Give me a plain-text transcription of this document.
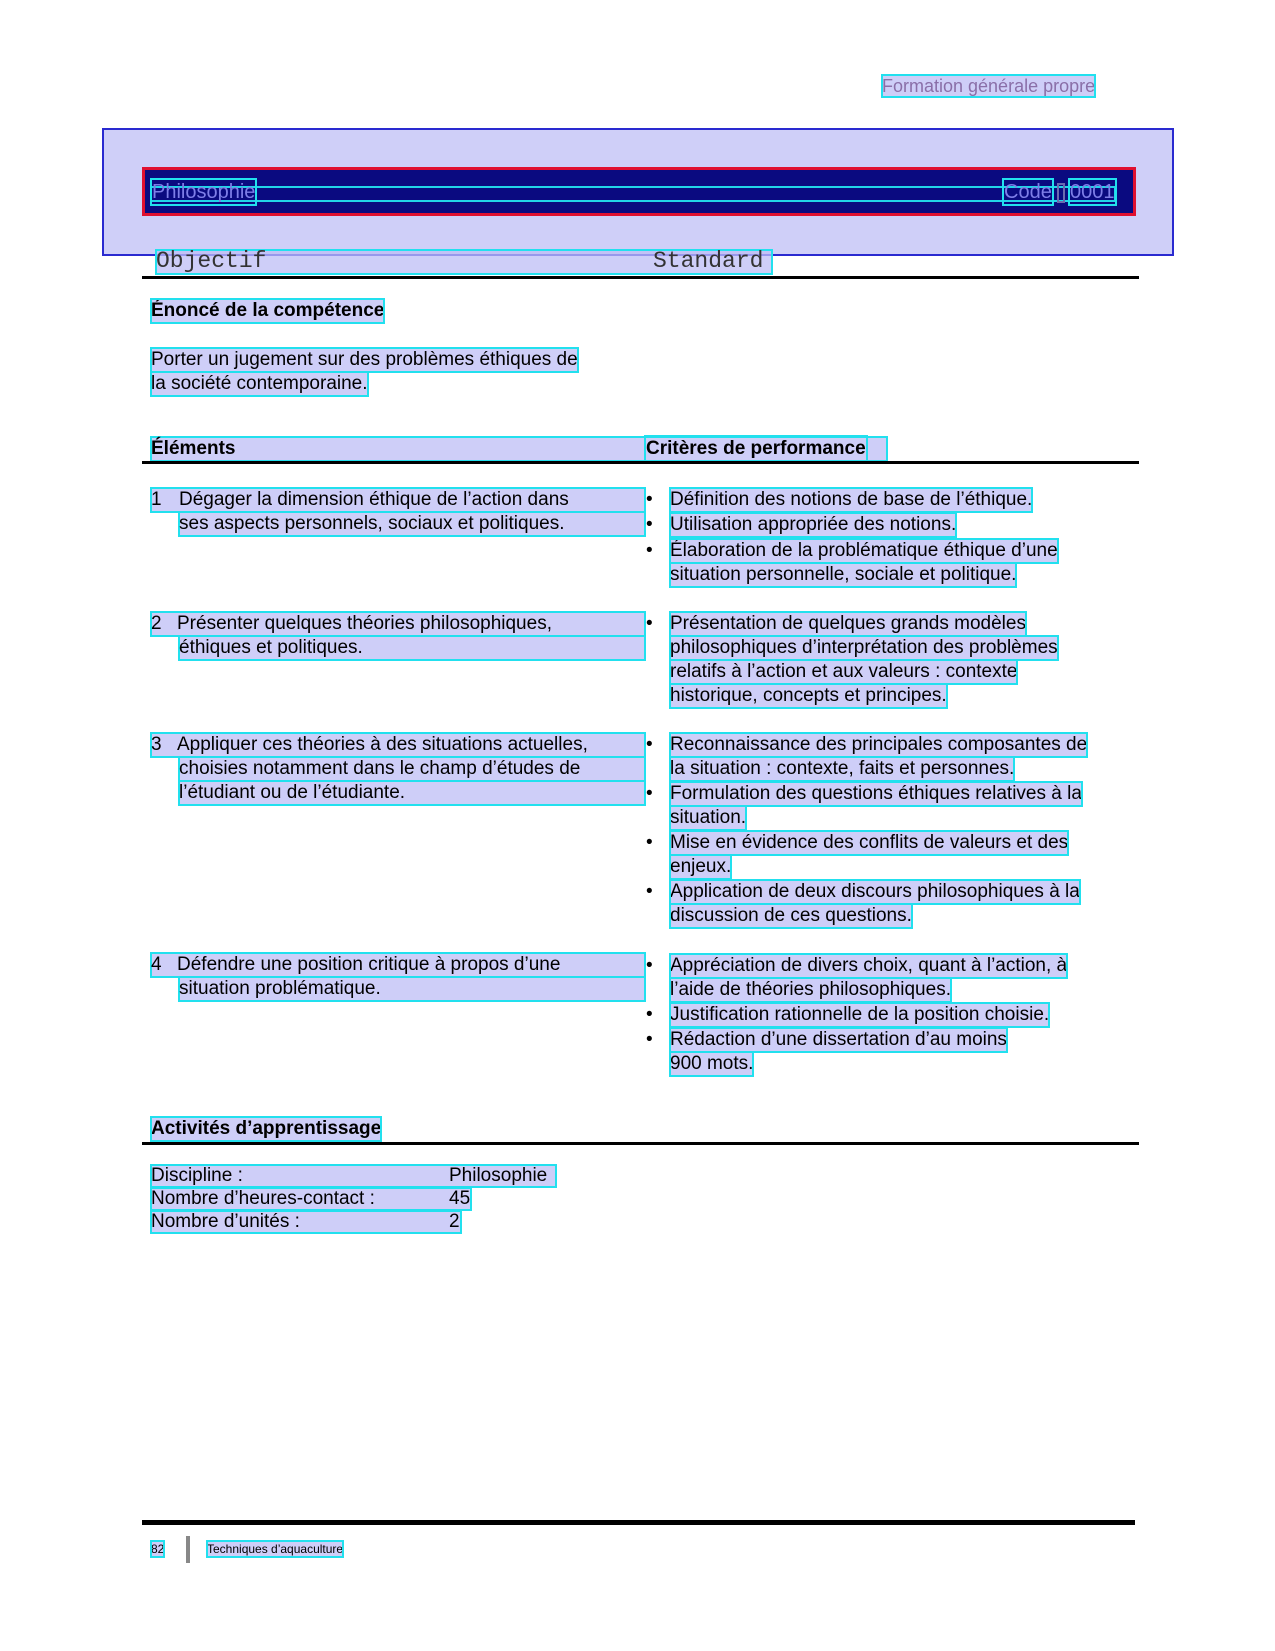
Formation générale propre
Philosophie	Code 0001
Objectif	Standard
Énoncé de la compétence
Porter un jugement sur des problèmes éthiques de
la société contemporaine.
Éléments	Critères de performance
1 Dégager la dimension éthique de l’action dans
ses aspects personnels, sociaux et politiques.
• Définition des notions de base de l’éthique.
• Utilisation appropriée des notions.
• Élaboration de la problématique éthique d’une
situation personnelle, sociale et politique.
2 Présenter quelques théories philosophiques,
éthiques et politiques.
• Présentation de quelques grands modèles
philosophiques d’interprétation des problèmes
relatifs à l’action et aux valeurs : contexte
historique, concepts et principes.
3 Appliquer ces théories à des situations actuelles,
choisies notamment dans le champ d’études de
l’étudiant ou de l’étudiante.
• Reconnaissance des principales composantes de
la situation : contexte, faits et personnes.
• Formulation des questions éthiques relatives à la
situation.
• Mise en évidence des conflits de valeurs et des
enjeux.
• Application de deux discours philosophiques à la
discussion de ces questions.
4 Défendre une position critique à propos d’une
situation problématique.
• Appréciation de divers choix, quant à l’action, à
l’aide de théories philosophiques.
• Justification rationnelle de la position choisie.
• Rédaction d’une dissertation d’au moins
900 mots.
Activités d’apprentissage
Discipline :	Philosophie
Nombre d’heures-contact :	45
Nombre d’unités :	2
82	Techniques d’aquaculture
